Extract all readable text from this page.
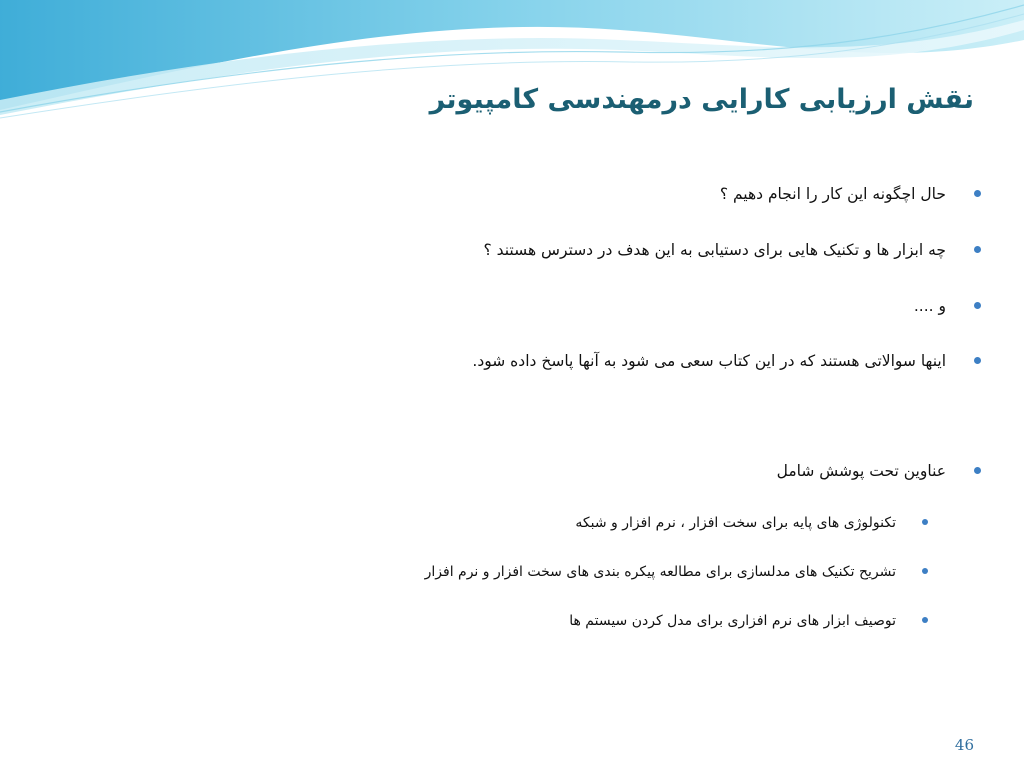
نقش ارزیابی کارایی درمهندسی کامپیوتر
حال اچگونه این کار را انجام دهیم ؟
چه ابزار ها و تکنیک هایی برای دستیابی به این هدف در دسترس هستند ؟
و ....
اینها سوالاتی هستند که در این کتاب سعی می شود به آنها پاسخ داده شود.
عناوین تحت پوشش شامل
تکنولوژی های پایه برای سخت افزار ، نرم افزار و شبکه
تشریح تکنیک های مدلسازی برای مطالعه پیکره بندی های سخت افزار و نرم افزار
توصیف ابزار های نرم افزاری برای مدل کردن سیستم ها
46
